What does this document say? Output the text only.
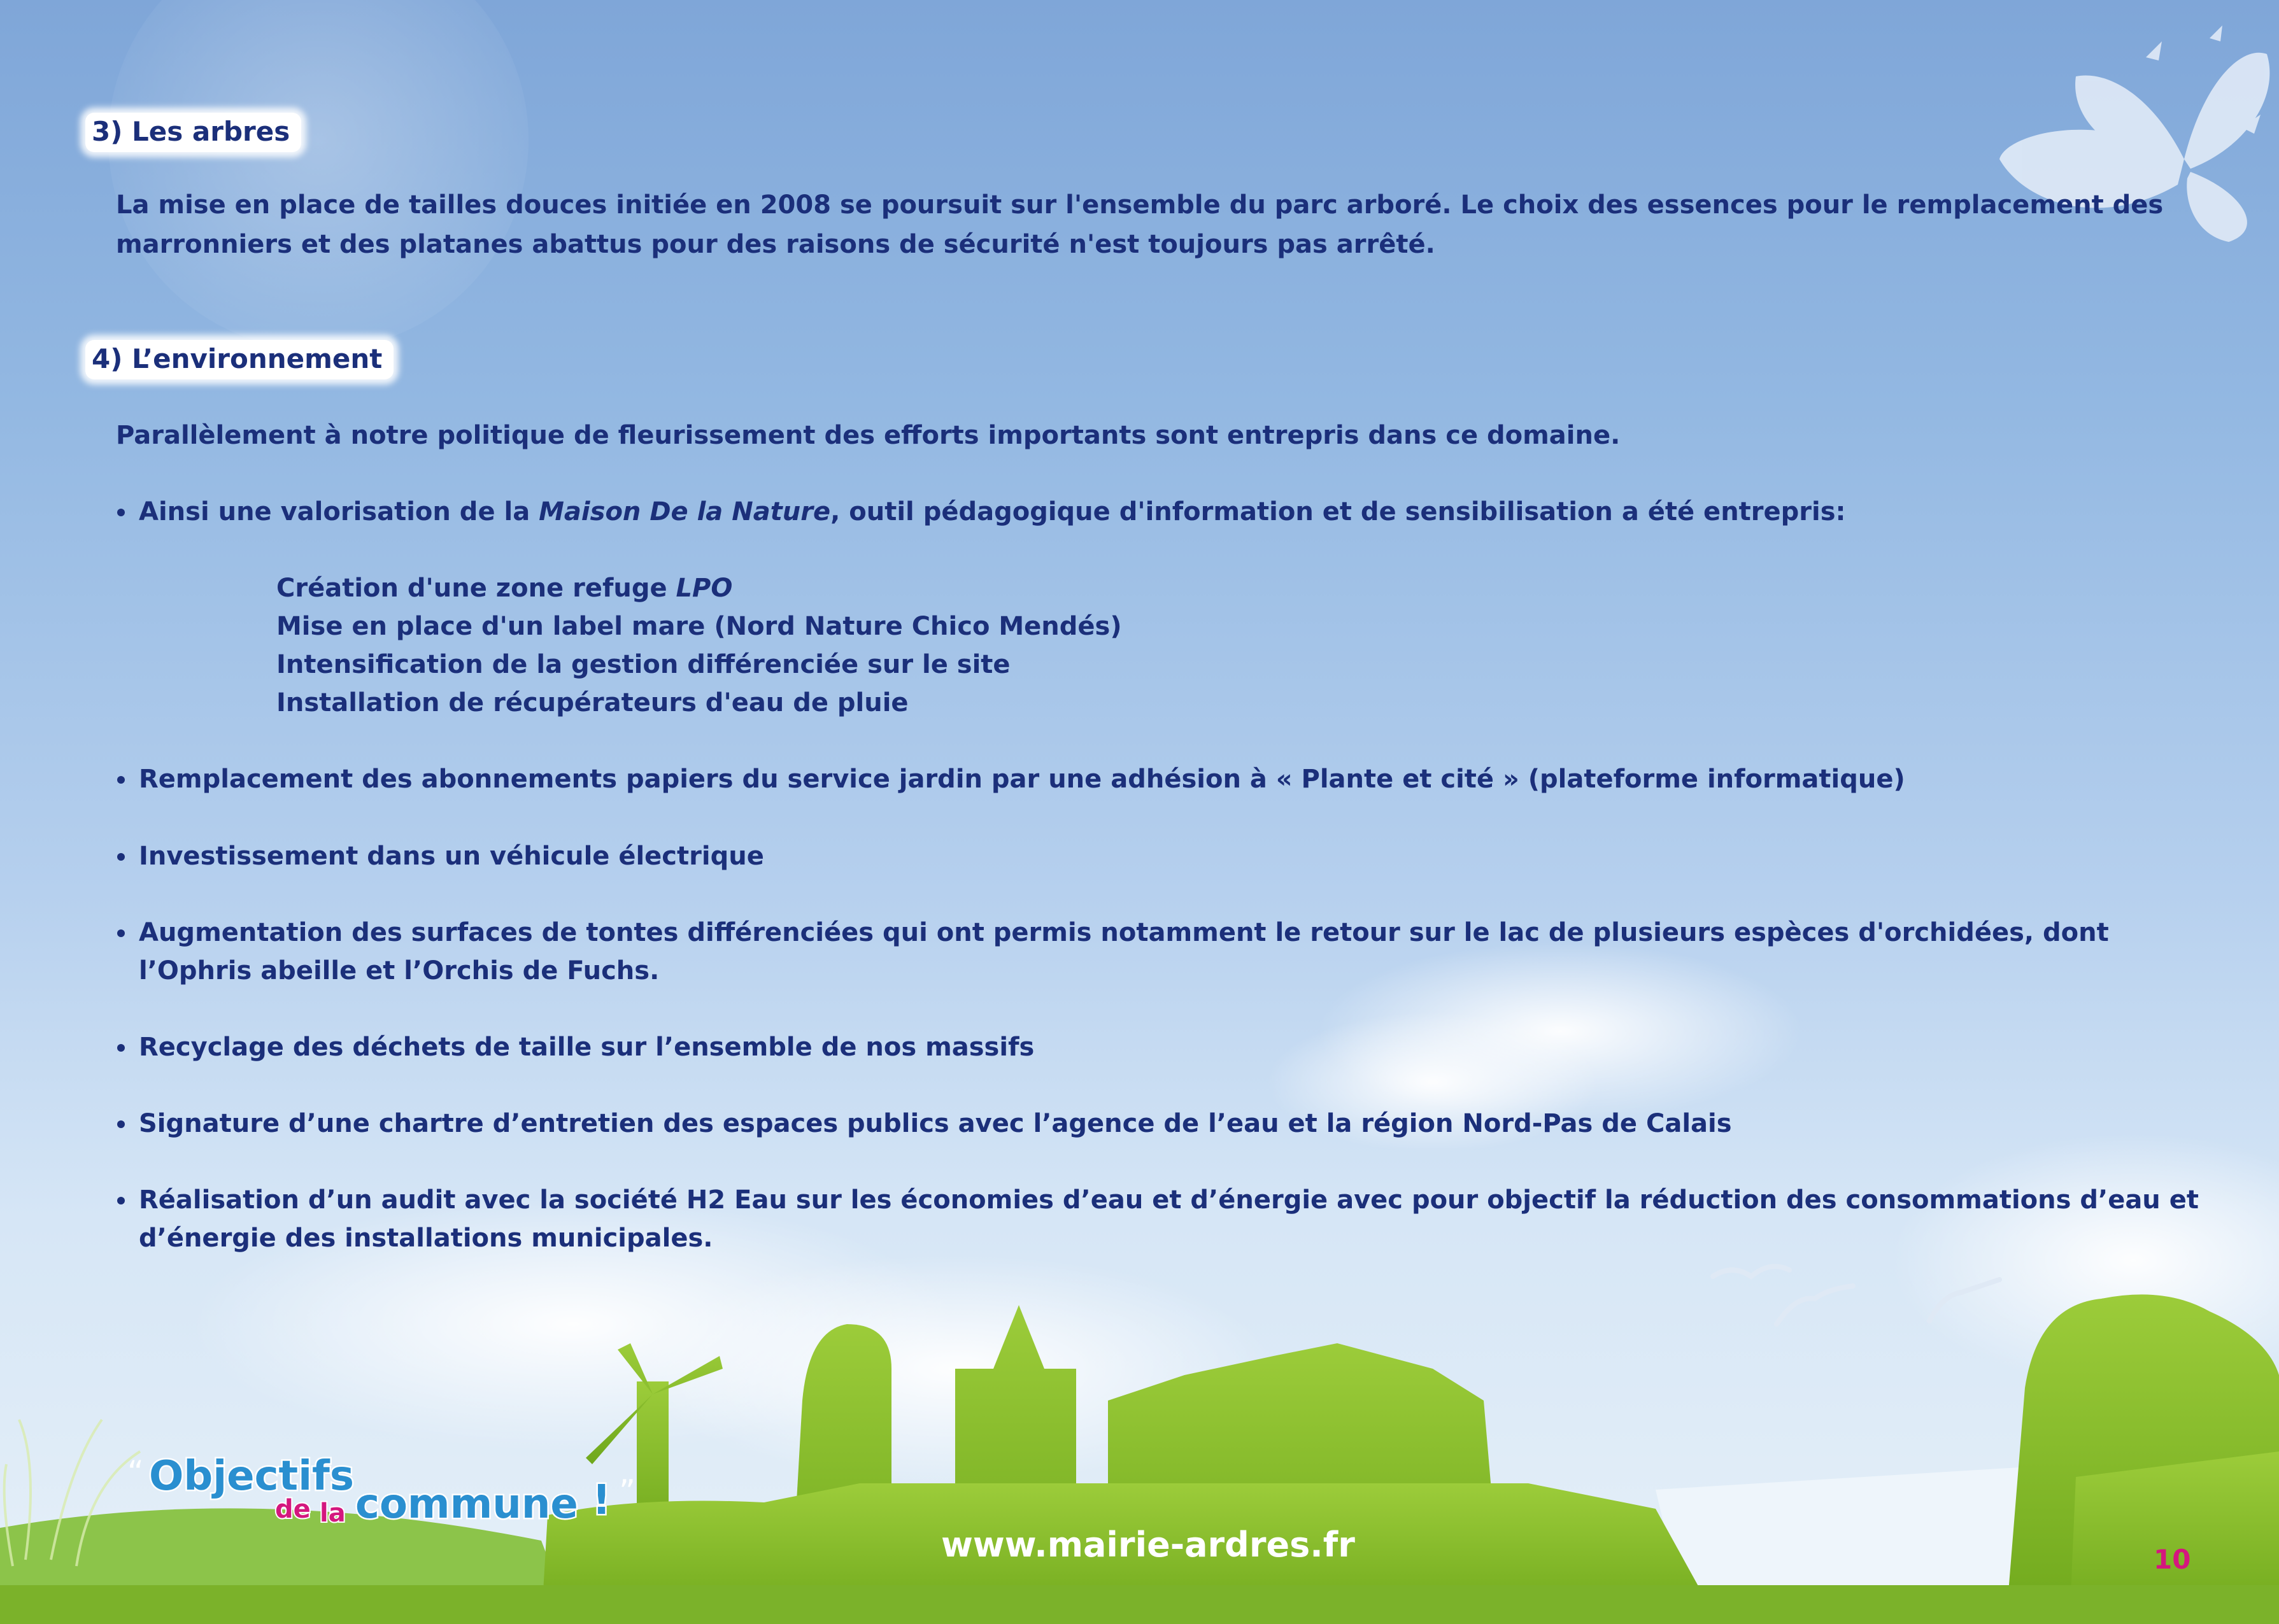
3) Les arbres
La mise en place de tailles douces initiée en 2008 se poursuit sur l'ensemble du parc arboré. Le choix des essences pour le remplacement des
marronniers et des platanes abattus pour des raisons de sécurité n'est toujours pas arrêté.
4) L’environnement
Parallèlement à notre politique de fleurissement des efforts importants sont entrepris dans ce domaine.
Ainsi une valorisation de la Maison De la Nature, outil pédagogique d'information et de sensibilisation a été entrepris:
Création d'une zone refuge LPO
Mise en place d'un label mare (Nord Nature Chico Mendés)
Intensification de la gestion différenciée sur le site
Installation de récupérateurs d'eau de pluie
Remplacement des abonnements papiers du service jardin par une adhésion à « Plante et cité » (plateforme informatique)
Investissement dans un véhicule électrique
Augmentation des surfaces de tontes différenciées qui ont permis notamment le retour sur le lac de plusieurs espèces d'orchidées, dont
l’Ophris abeille et l’Orchis de Fuchs.
Recyclage des déchets de taille sur l’ensemble de nos massifs
Signature d’une chartre d’entretien des espaces publics avec l’agence de l’eau et la région Nord-Pas de Calais
Réalisation d’un audit avec la société H2 Eau sur les économies d’eau et d’énergie avec pour objectif la réduction des consommations d’eau et
d’énergie des installations municipales.
“ Objectifs
de la commune ! ”
www.mairie-ardres.fr	10
